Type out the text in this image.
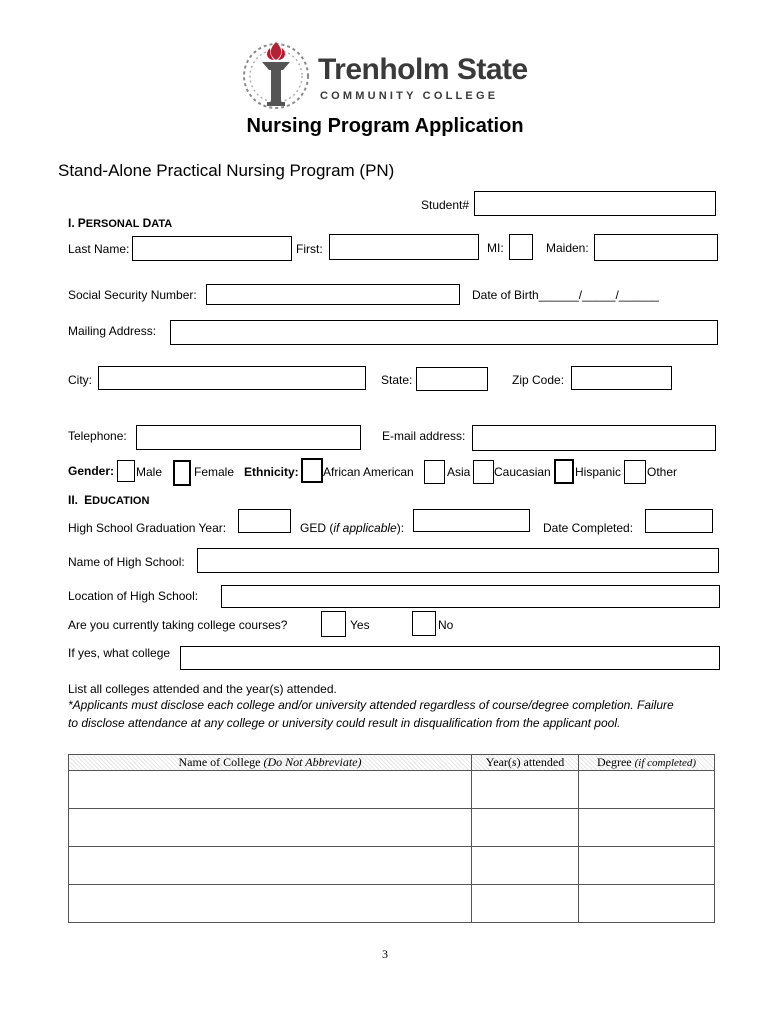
Trenholm State
COMMUNITY COLLEGE
Nursing Program Application
Stand-Alone Practical Nursing Program (PN)
Student#
I. PERSONAL DATA
Last Name:	First:	MI:	Maiden:
Social Security Number:	Date of Birth______/_____/______
Mailing Address:
City:	State:	Zip Code:
Telephone:	E-mail address:
Gender: Male	Female Ethnicity: African American	Asia Caucasian Hispanic Other
II. EDUCATION
High School Graduation Year:	GED (if applicable):	Date Completed:
Name of High School:
Location of High School:
Are you currently taking college courses?	Yes	No
If yes, what college
List all colleges attended and the year(s) attended.
*Applicants must disclose each college and/or university attended regardless of course/degree completion. Failure
to disclose attendance at any college or university could result in disqualification from the applicant pool.
Name of College (Do Not Abbreviate)	Year(s) attended	Degree (if completed)

3
